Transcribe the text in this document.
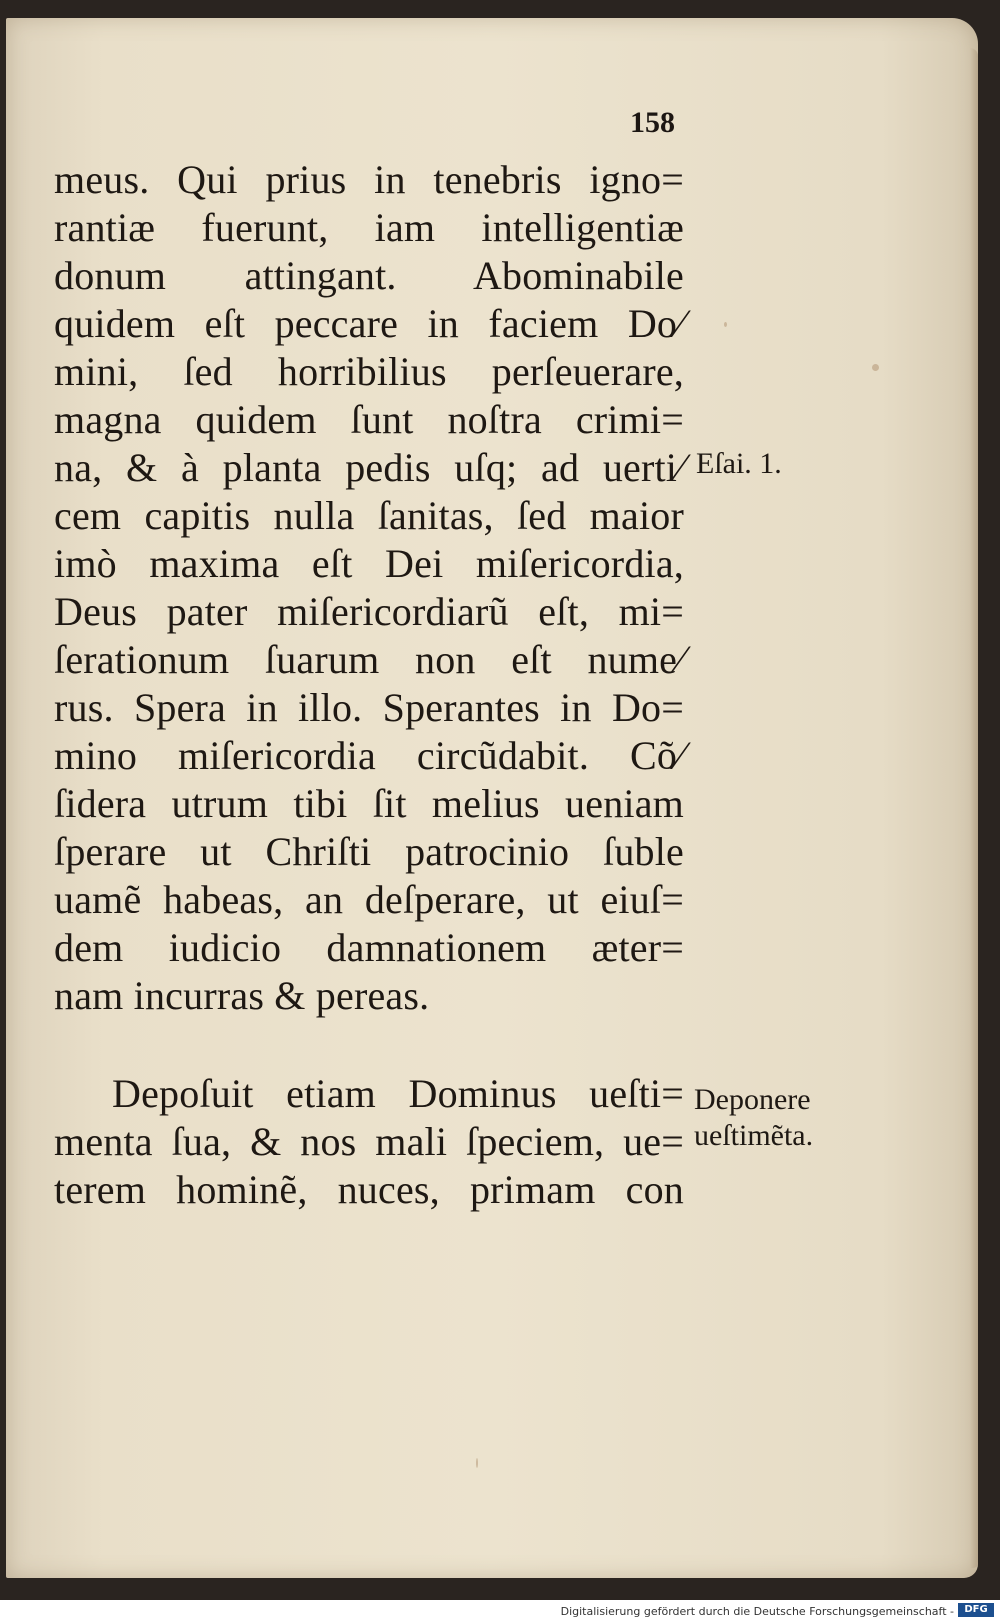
158
meus. Qui prius in tenebris igno=
rantiæ fuerunt, iam intelligentiæ
donum attingant. Abominabile
quidem eſt peccare in faciem Do⁄
mini, ſed horribilius perſeuerare,
magna quidem ſunt noſtra crimi=
na, & à planta pedis uſq; ad uerti⁄
cem capitis nulla ſanitas, ſed maior
imò maxima eſt Dei miſericordia,
Deus pater miſericordiarũ eſt, mi=
ſerationum ſuarum non eſt nume⁄
rus. Spera in illo. Sperantes in Do=
mino miſericordia circũdabit. Cõ⁄
ſidera utrum tibi ſit melius ueniam
ſperare ut Chriſti patrocinio ſuble
uamẽ habeas, an deſperare, ut eiuſ=
dem iudicio damnationem æter=
nam incurras & pereas.
Depoſuit etiam Dominus ueſti=
menta ſua, & nos mali ſpeciem, ue=
terem hominẽ, nuces, primam con
Eſai. 1.
Deponere
ueſtimẽta.
Digitalisierung gefördert durch die Deutsche Forschungsgemeinschaft -	DFG
